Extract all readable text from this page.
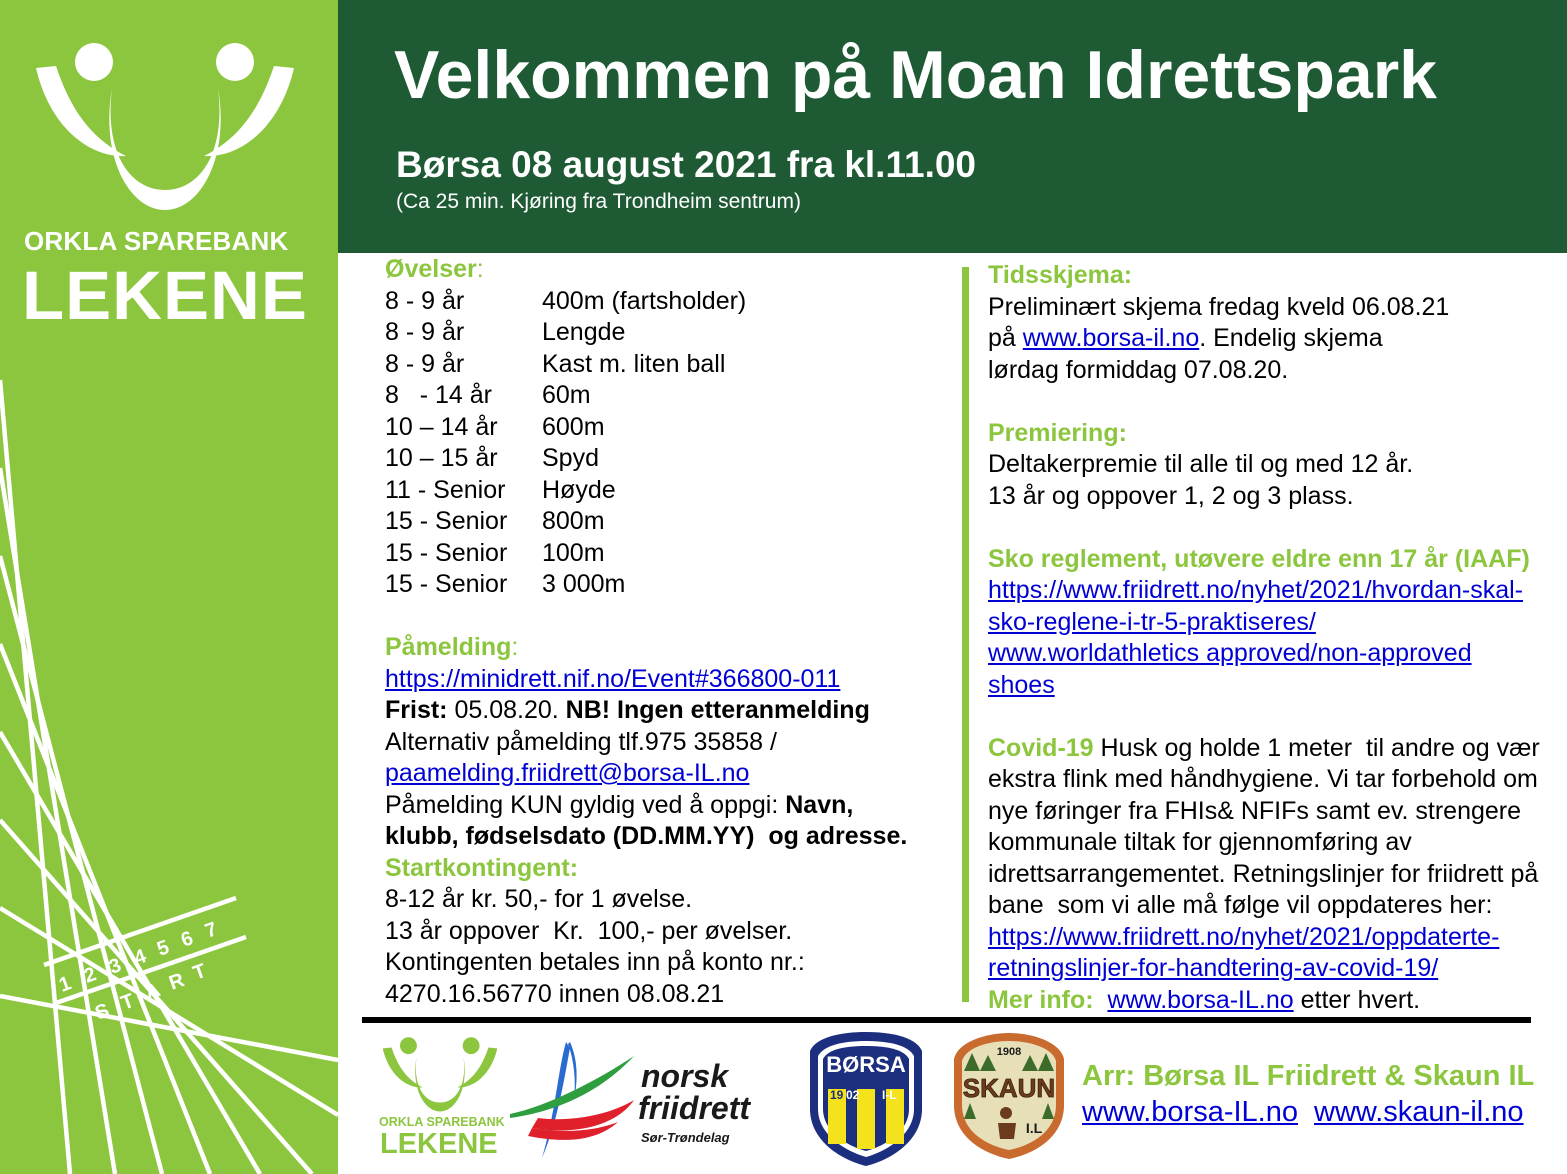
1 2 3 4 5 6 7
S T A R T
ORKLA SPAREBANK
LEKENE
Velkommen på Moan Idrettspark
Børsa 08 august 2021 fra kl.11.00
(Ca 25 min. Kjøring fra Trondheim sentrum)
Øvelser:
8 - 9 år	400m (fartsholder)
8 - 9 år	Lengde
8 - 9 år	Kast m. liten ball
8   - 14 år	60m
10 – 14 år	600m
10 – 15 år	Spyd
11 - Senior	Høyde
15 - Senior	800m
15 - Senior	100m
15 - Senior	3 000m
Påmelding:
https://minidrett.nif.no/Event#366800-011
Frist: 05.08.20. NB! Ingen etteranmelding
Alternativ påmelding tlf.975 35858 /
paamelding.friidrett@borsa-IL.no
Påmelding KUN gyldig ved å oppgi: Navn,
klubb, fødselsdato (DD.MM.YY)  og adresse.
Startkontingent:
8-12 år kr. 50,- for 1 øvelse.
13 år oppover  Kr.  100,- per øvelser.
Kontingenten betales inn på konto nr.:
4270.16.56770 innen 08.08.21
Tidsskjema:
Preliminært skjema fredag kveld 06.08.21
på www.borsa-il.no. Endelig skjema
lørdag formiddag 07.08.20.
Premiering:
Deltakerpremie til alle til og med 12 år.
13 år og oppover 1, 2 og 3 plass.
Sko reglement, utøvere eldre enn 17 år (IAAF)
https://www.friidrett.no/nyhet/2021/hvordan-skal-
sko-reglene-i-tr-5-praktiseres/
www.worldathletics approved/non-approved
shoes
Covid-19 Husk og holde 1 meter  til andre og vær
ekstra flink med håndhygiene. Vi tar forbehold om
nye føringer fra FHIs& NFIFs samt ev. strengere
kommunale tiltak for gjennomføring av
idrettsarrangementet. Retningslinjer for friidrett på
bane  som vi alle må følge vil oppdateres her:
https://www.friidrett.no/nyhet/2021/oppdaterte-
retningslinjer-for-handtering-av-covid-19/
Mer info: www.borsa-IL.no etter hvert.
ORKLA SPAREBANK
LEKENE
norsk
friidrett
Sør-Trøndelag
BØRSA
19 02 I-L
1908
SKAUN
I.L
Arr: Børsa IL Friidrett & Skaun IL
www.borsa-IL.no www.skaun-il.no
